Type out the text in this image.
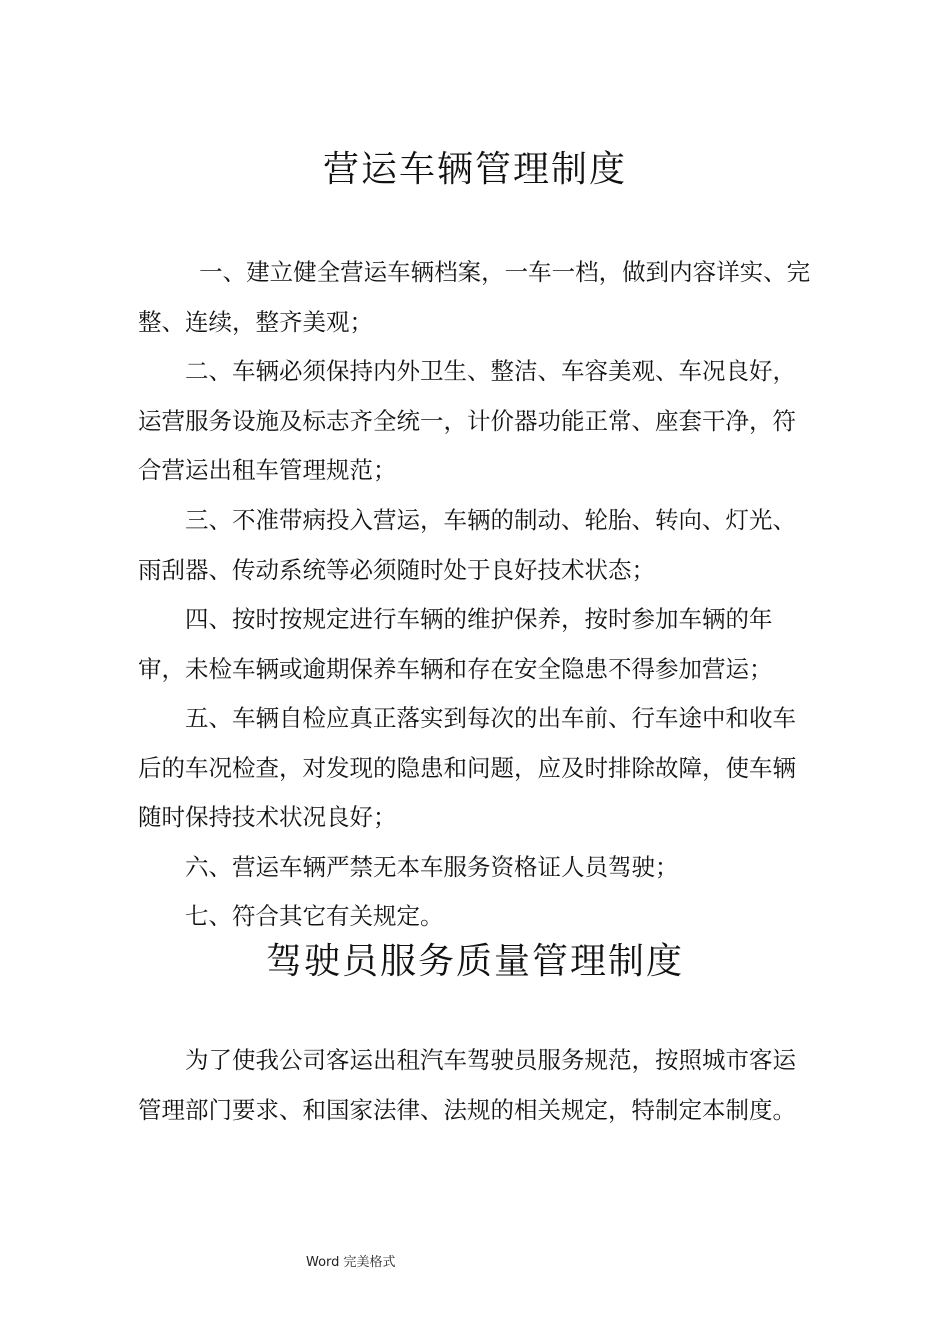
营运车辆管理制度

一、建立健全营运车辆档案，一车一档，做到内容详实、完整、连续，整齐美观；

二、车辆必须保持内外卫生、整洁、车容美观、车况良好，运营服务设施及标志齐全统一，计价器功能正常、座套干净，符合营运出租车管理规范；

三、不准带病投入营运，车辆的制动、轮胎、转向、灯光、雨刮器、传动系统等必须随时处于良好技术状态；

四、按时按规定进行车辆的维护保养，按时参加车辆的年审，未检车辆或逾期保养车辆和存在安全隐患不得参加营运；

五、车辆自检应真正落实到每次的出车前、行车途中和收车后的车况检查，对发现的隐患和问题，应及时排除故障，使车辆随时保持技术状况良好；

六、营运车辆严禁无本车服务资格证人员驾驶；

七、符合其它有关规定。

驾驶员服务质量管理制度

为了使我公司客运出租汽车驾驶员服务规范，按照城市客运管理部门要求、和国家法律、法规的相关规定，特制定本制度。

Word 完美格式
